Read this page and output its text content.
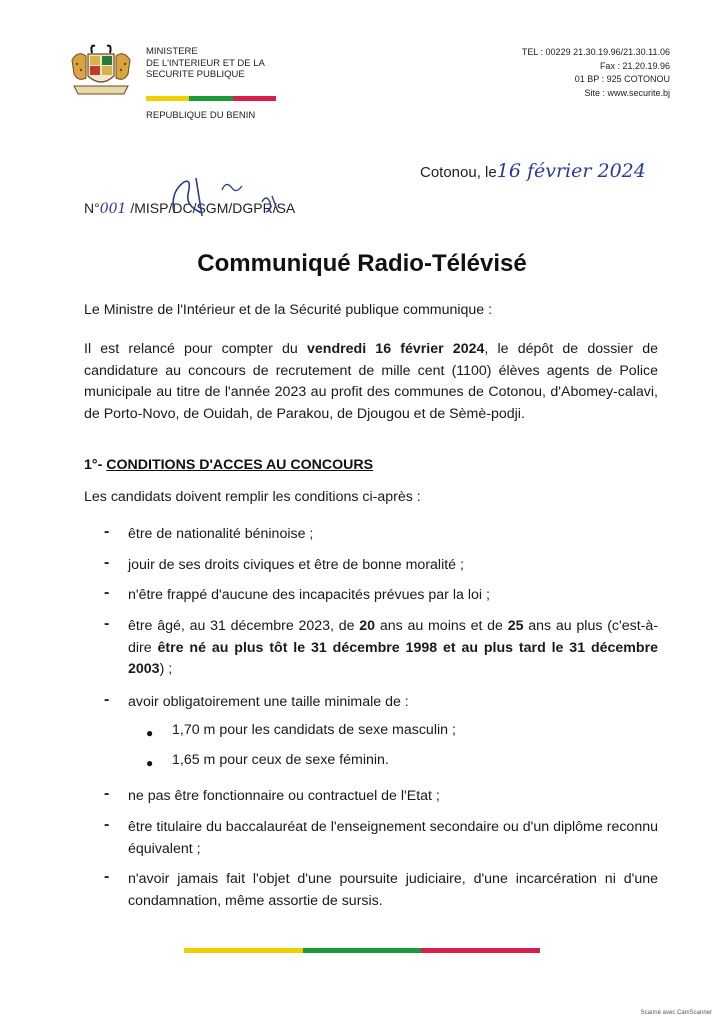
MINISTERE
DE L'INTERIEUR ET DE LA
SECURITE PUBLIQUE
REPUBLIQUE DU BENIN
TEL : 00229 21.30.19.96/21.30.11.06
Fax : 21.20.19.96
01 BP : 925 COTONOU
Site : www.securite.bj
Cotonou, le16 février 2024
N°001 /MISP/DC/SGM/DGPR/SA
Communiqué Radio-Télévisé
Le Ministre de l'Intérieur et de la Sécurité publique communique :
Il est relancé pour compter du vendredi 16 février 2024, le dépôt de dossier de candidature au concours de recrutement de mille cent (1100) élèves agents de Police municipale au titre de l'année 2023 au profit des communes de Cotonou, d'Abomey-calavi, de Porto-Novo, de Ouidah, de Parakou, de Djougou et de Sèmè-podji.
1°- CONDITIONS D'ACCES AU CONCOURS
Les candidats doivent remplir les conditions ci-après :
- être de nationalité béninoise ;
- jouir de ses droits civiques et être de bonne moralité ;
- n'être frappé d'aucune des incapacités prévues par la loi ;
- être âgé, au 31 décembre 2023, de 20 ans au moins et de 25 ans au plus (c'est-à-dire être né au plus tôt le 31 décembre 1998 et au plus tard le 31 décembre 2003) ;
- avoir obligatoirement une taille minimale de :
● 1,70 m pour les candidats de sexe masculin ;
● 1,65 m pour ceux de sexe féminin.
- ne pas être fonctionnaire ou contractuel de l'Etat ;
- être titulaire du baccalauréat de l'enseignement secondaire ou d'un diplôme reconnu équivalent ;
- n'avoir jamais fait l'objet d'une poursuite judiciaire, d'une incarcération ni d'une condamnation, même assortie de sursis.
Scanné avec CamScanner
